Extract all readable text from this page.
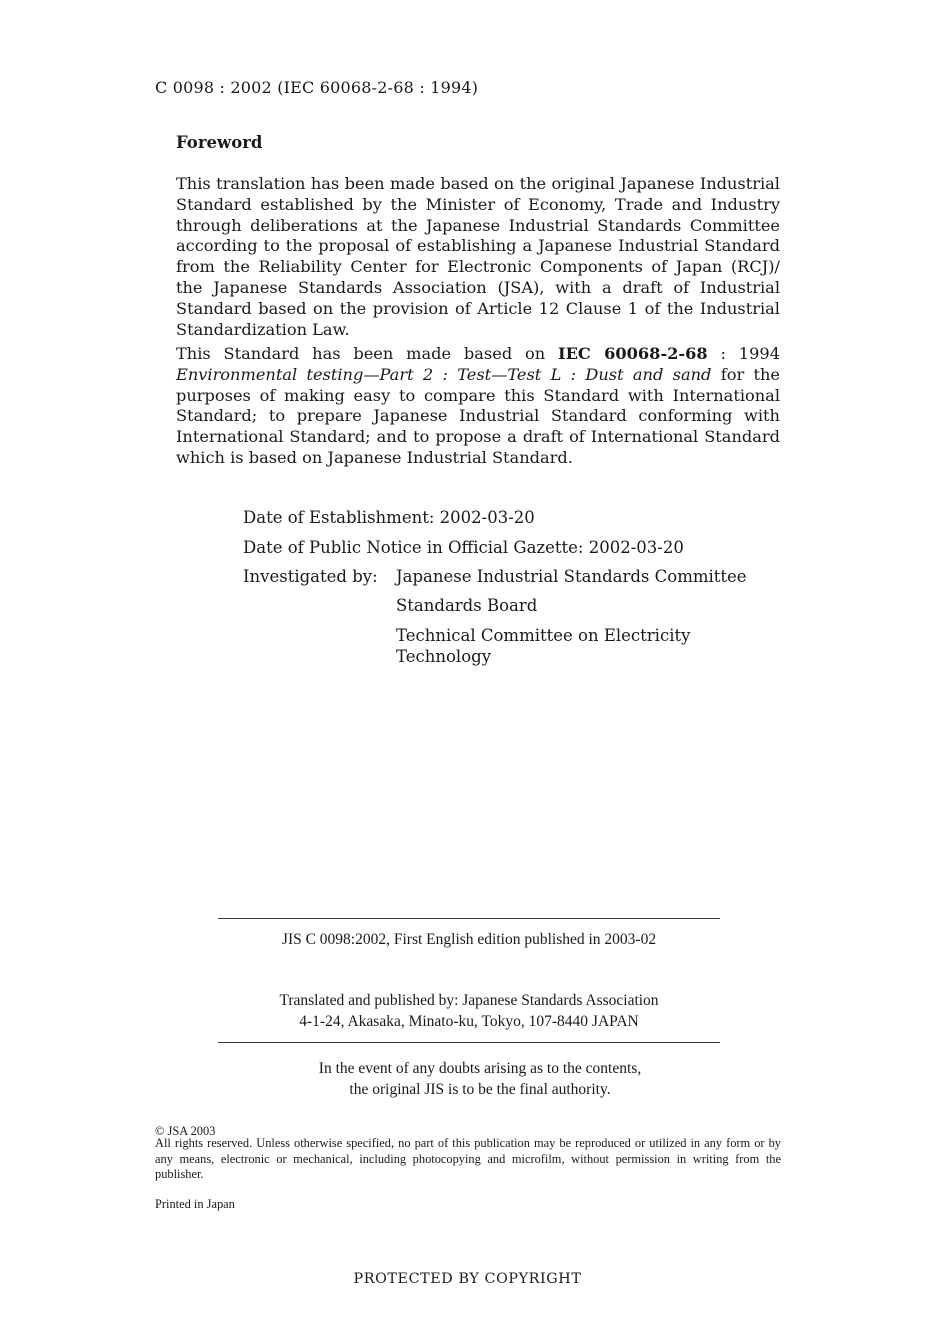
C 0098 : 2002 (IEC 60068-2-68 : 1994)
Foreword

This translation has been made based on the original Japanese Industrial Standard established by the Minister of Economy, Trade and Industry through deliberations at the Japanese Industrial Standards Committee according to the proposal of establishing a Japanese Industrial Standard from the Reliability Center for Electronic Components of Japan (RCJ)/ the Japanese Standards Association (JSA), with a draft of Industrial Standard based on the provision of Article 12 Clause 1 of the Industrial Standardization Law.

This Standard has been made based on IEC 60068-2-68 : 1994 Environmental testing—Part 2 : Test—Test L : Dust and sand for the purposes of making easy to compare this Standard with International Standard; to prepare Japanese Industrial Standard conforming with International Standard; and to propose a draft of International Standard which is based on Japanese Industrial Standard.

Date of Establishment: 2002-03-20
Date of Public Notice in Official Gazette: 2002-03-20
Investigated by: Japanese Industrial Standards Committee
Standards Board
Technical Committee on Electricity Technology
JIS C 0098:2002, First English edition published in 2003-02
Translated and published by: Japanese Standards Association
4-1-24, Akasaka, Minato-ku, Tokyo, 107-8440 JAPAN
In the event of any doubts arising as to the contents,
the original JIS is to be the final authority.
© JSA 2003
All rights reserved. Unless otherwise specified, no part of this publication may be reproduced or utilized in any form or by any means, electronic or mechanical, including photocopying and microfilm, without permission in writing from the publisher.
Printed in Japan
PROTECTED BY COPYRIGHT
